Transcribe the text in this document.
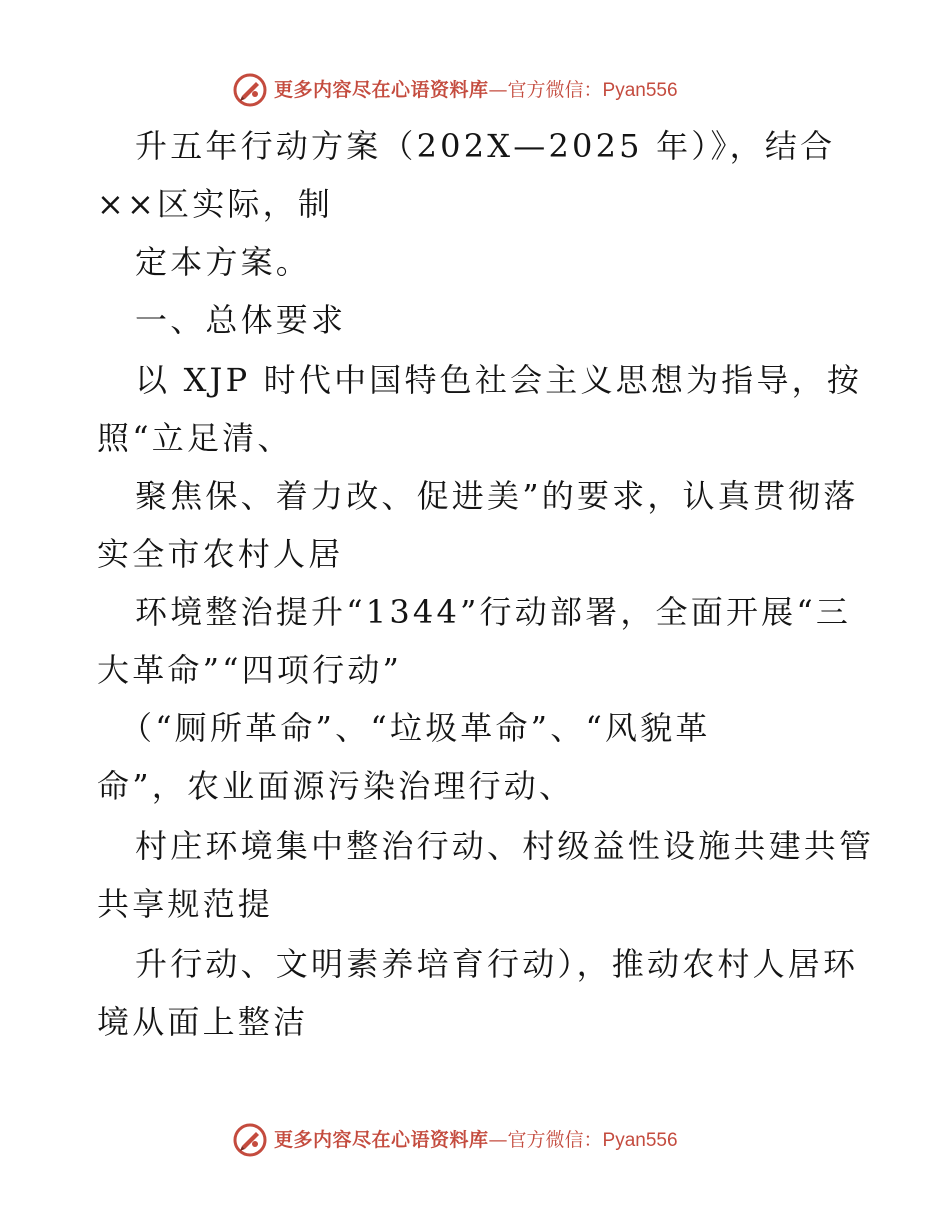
更多内容尽在心语资料库—官方微信：Pyan556
升五年行动方案（202X—2025 年）》，结合
××区实际，制
定本方案。
一、总体要求
以 XJP 时代中国特色社会主义思想为指导，按
照“立足清、
聚焦保、着力改、促进美”的要求，认真贯彻落
实全市农村人居
环境整治提升“1344”行动部署，全面开展“三
大革命”“四项行动”
（“厕所革命”、“垃圾革命”、“风貌革
命”，农业面源污染治理行动、
村庄环境集中整治行动、村级益性设施共建共管
共享规范提
升行动、文明素养培育行动），推动农村人居环
境从面上整洁
更多内容尽在心语资料库—官方微信：Pyan556
